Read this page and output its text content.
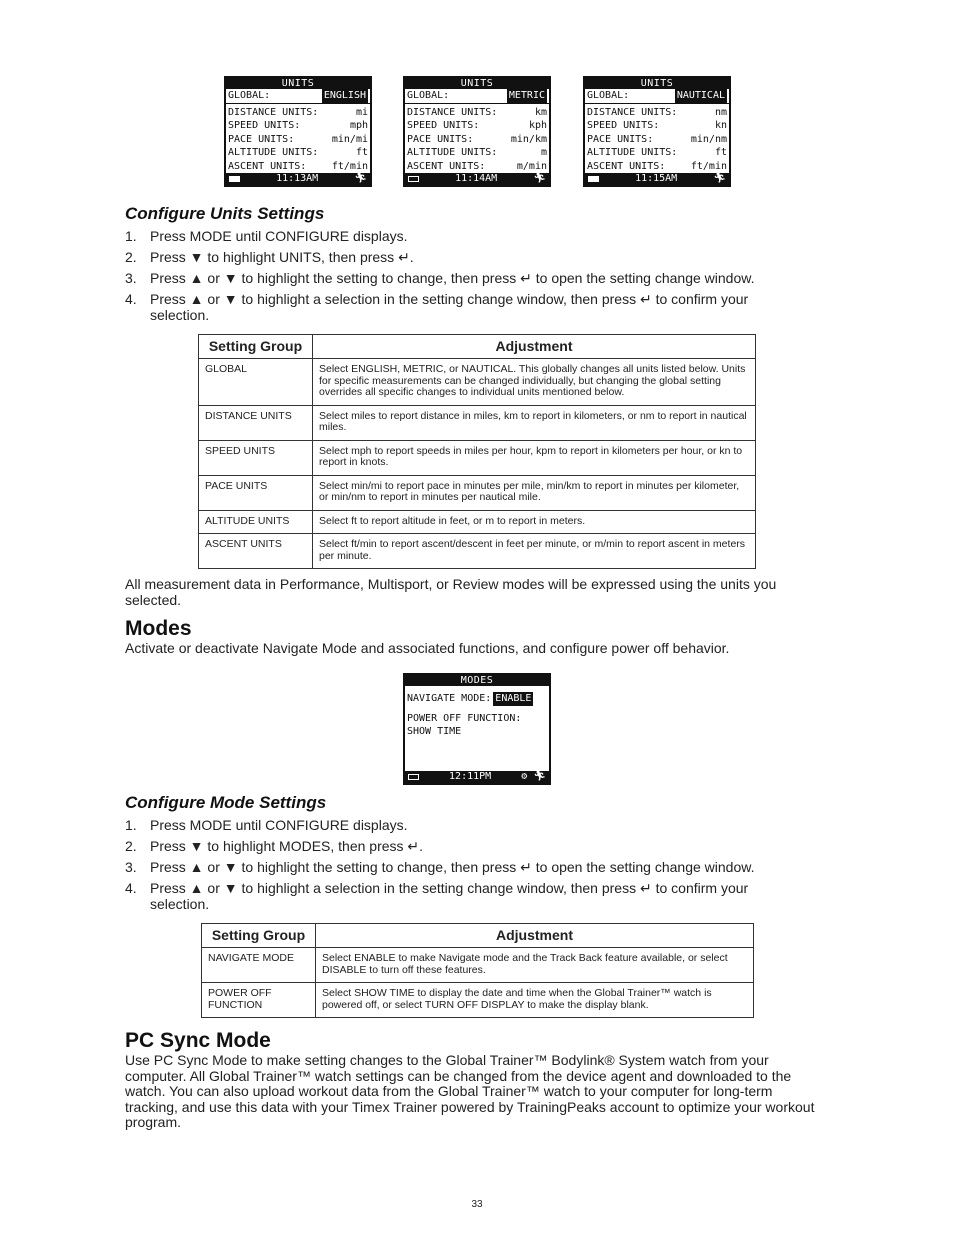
UNITS
GLOBAL:	ENGLISH
DISTANCE UNITS:	mi
SPEED UNITS:	mph
PACE UNITS:	min/mi
ALTITUDE UNITS:	ft
ASCENT UNITS:	ft/min
11:13AM	🏃︎
UNITS
GLOBAL:	METRIC
DISTANCE UNITS:	km
SPEED UNITS:	kph
PACE UNITS:	min/km
ALTITUDE UNITS:	m
ASCENT UNITS:	m/min
11:14AM	🏃︎
UNITS
GLOBAL:	NAUTICAL
DISTANCE UNITS:	nm
SPEED UNITS:	kn
PACE UNITS:	min/nm
ALTITUDE UNITS:	ft
ASCENT UNITS:	ft/min
11:15AM	🏃︎
Configure Units Settings
1. Press MODE until CONFIGURE displays.
2. Press ▼ to highlight UNITS, then press ↵.
3. Press ▲ or ▼ to highlight the setting to change, then press ↵ to open the setting change window.
4. Press ▲ or ▼ to highlight a selection in the setting change window, then press ↵ to confirm your selection.
Setting Group	Adjustment
GLOBAL	Select ENGLISH, METRIC, or NAUTICAL. This globally changes all units listed below. Units for specific measurements can be changed individually, but changing the global setting overrides all specific changes to individual units mentioned below.
DISTANCE UNITS	Select miles to report distance in miles, km to report in kilometers, or nm to report in nautical miles.
SPEED UNITS	Select mph to report speeds in miles per hour, kpm to report in kilometers per hour, or kn to report in knots.
PACE UNITS	Select min/mi to report pace in minutes per mile, min/km to report in minutes per kilometer, or min/nm to report in minutes per nautical mile.
ALTITUDE UNITS	Select ft to report altitude in feet, or m to report in meters.
ASCENT UNITS	Select ft/min to report ascent/descent in feet per minute, or m/min to report ascent in meters per minute.

All measurement data in Performance, Multisport, or Review modes will be expressed using the units you selected.

Modes

Activate or deactivate Navigate Mode and associated functions, and configure power off behavior.

MODES
NAVIGATE MODE: ENABLE
POWER OFF FUNCTION:
SHOW TIME
12:11PM	⚙ 🏃︎
Configure Mode Settings
1. Press MODE until CONFIGURE displays.
2. Press ▼ to highlight MODES, then press ↵.
3. Press ▲ or ▼ to highlight the setting to change, then press ↵ to open the setting change window.
4. Press ▲ or ▼ to highlight a selection in the setting change window, then press ↵ to confirm your selection.
Setting Group	Adjustment
NAVIGATE MODE	Select ENABLE to make Navigate mode and the Track Back feature available, or select DISABLE to turn off these features.
POWER OFF FUNCTION	Select SHOW TIME to display the date and time when the Global Trainer™ watch is powered off, or select TURN OFF DISPLAY to make the display blank.
PC Sync Mode

Use PC Sync Mode to make setting changes to the Global Trainer™ Bodylink® System watch from your computer. All Global Trainer™ watch settings can be changed from the device agent and downloaded to the watch. You can also upload workout data from the Global Trainer™ watch to your computer for long-term tracking, and use this data with your Timex Trainer powered by TrainingPeaks account to optimize your workout program.

33
